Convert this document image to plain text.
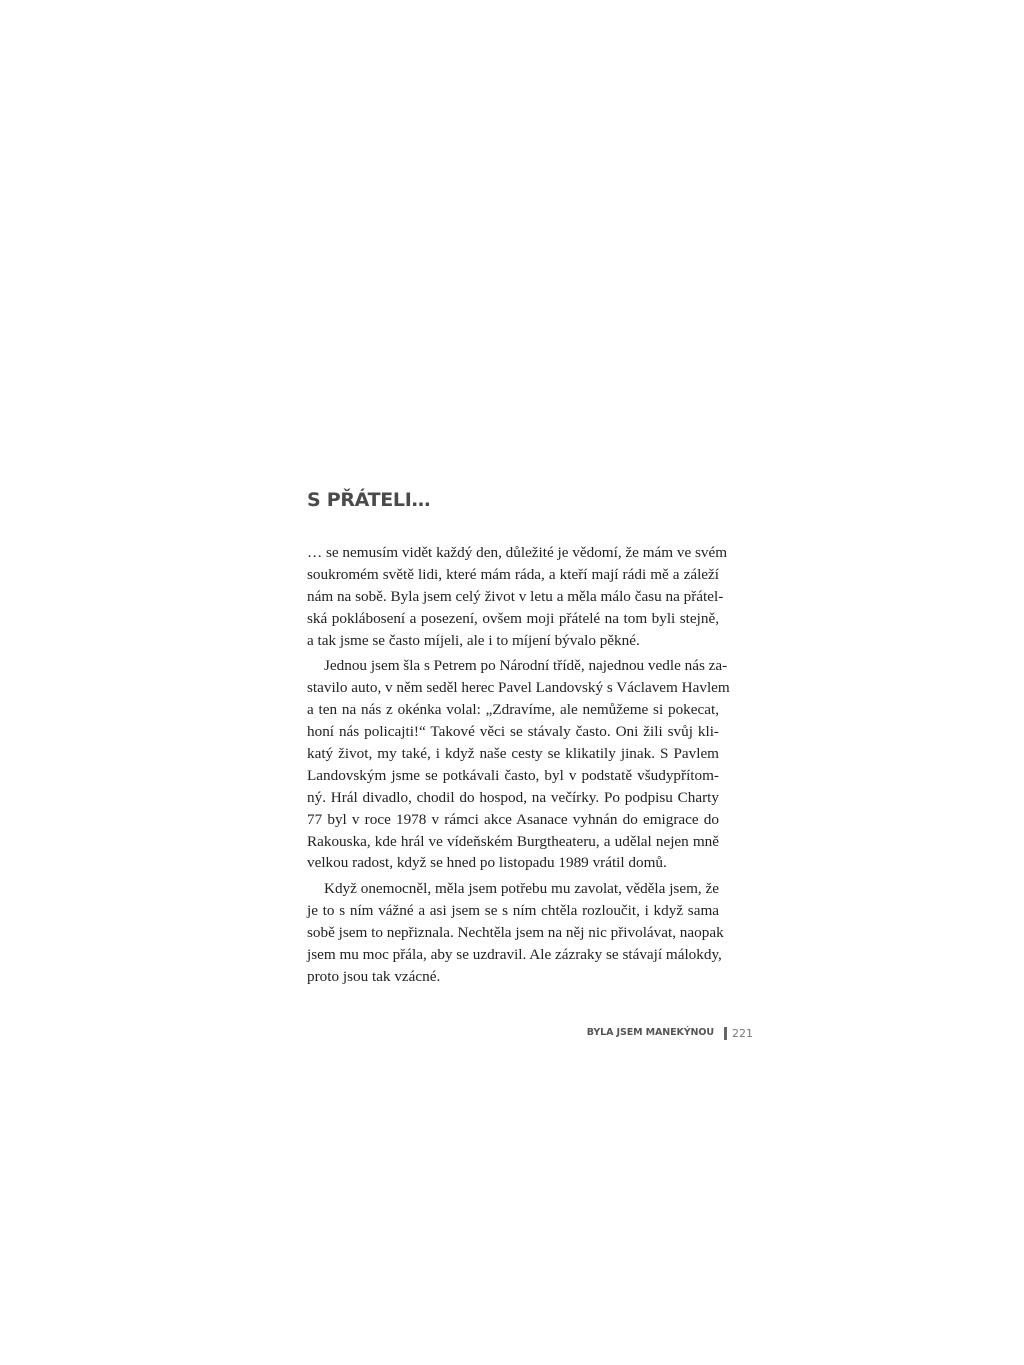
S PŘÁTELI…
… se nemusím vidět každý den, důležité je vědomí, že mám ve svém
soukromém světě lidi, které mám ráda, a kteří mají rádi mě a záleží
nám na sobě. Byla jsem celý život v letu a měla málo času na přátel-
ská poklábosení a posezení, ovšem moji přátelé na tom byli stejně,
a tak jsme se často míjeli, ale i to míjení bývalo pěkné.
Jednou jsem šla s Petrem po Národní třídě, najednou vedle nás za-
stavilo auto, v něm seděl herec Pavel Landovský s Václavem Havlem
a ten na nás z okénka volal: „Zdravíme, ale nemůžeme si pokecat,
honí nás policajti!“ Takové věci se stávaly často. Oni žili svůj kli-
katý život, my také, i když naše cesty se klikatily jinak. S Pavlem
Landovským jsme se potkávali často, byl v podstatě všudypřítom-
ný. Hrál divadlo, chodil do hospod, na večírky. Po podpisu Charty
77 byl v roce 1978 v rámci akce Asanace vyhnán do emigrace do
Rakouska, kde hrál ve vídeňském Burgtheateru, a udělal nejen mně
velkou radost, když se hned po listopadu 1989 vrátil domů.
Když onemocněl, měla jsem potřebu mu zavolat, věděla jsem, že
je to s ním vážné a asi jsem se s ním chtěla rozloučit, i když sama
sobě jsem to nepřiznala. Nechtěla jsem na něj nic přivolávat, naopak
jsem mu moc přála, aby se uzdravil. Ale zázraky se stávají málokdy,
proto jsou tak vzácné.
BYLA JSEM MANEKÝNOU 221
